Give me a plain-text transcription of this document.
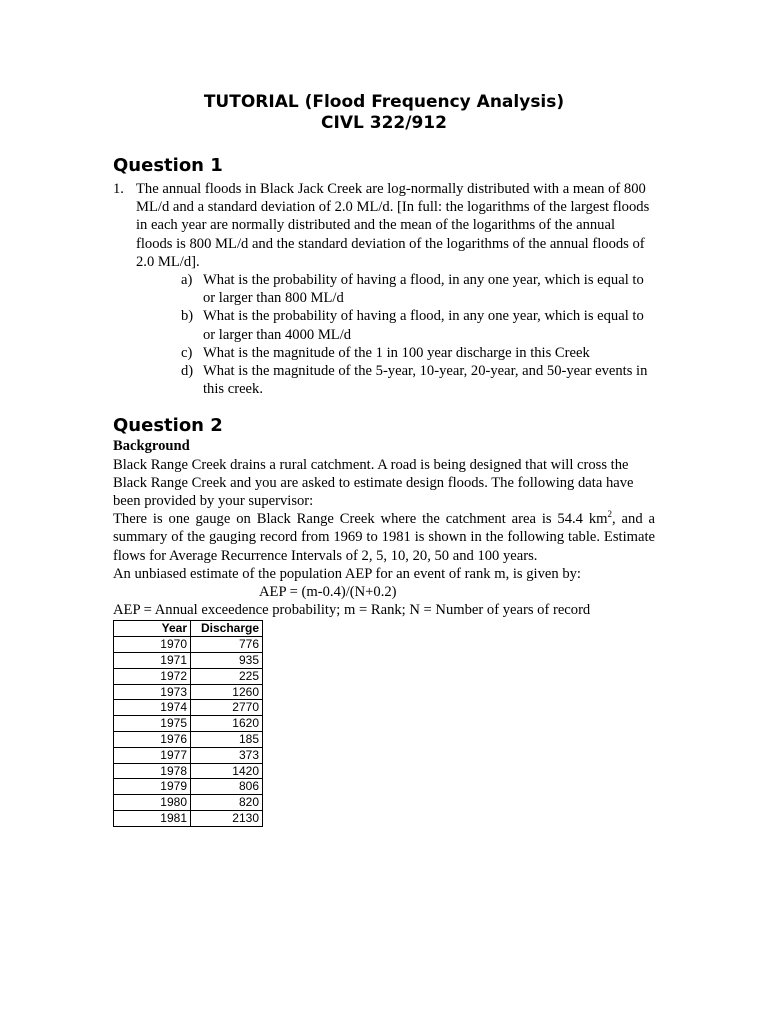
TUTORIAL (Flood Frequency Analysis)

CIVL 322/912

Question 1

1. The annual floods in Black Jack Creek are log-normally distributed with a mean of 800 ML/d and a standard deviation of 2.0 ML/d. [In full: the logarithms of the largest floods in each year are normally distributed and the mean of the logarithms of the annual floods is 800 ML/d and the standard deviation of the logarithms of the annual floods of 2.0 ML/d].
a) What is the probability of having a flood, in any one year, which is equal to or larger than 800 ML/d
b) What is the probability of having a flood, in any one year, which is equal to or larger than 4000 ML/d
c) What is the magnitude of the 1 in 100 year discharge in this Creek
d) What is the magnitude of the 5-year, 10-year, 20-year, and 50-year events in this creek.

Question 2

Background
Black Range Creek drains a rural catchment. A road is being designed that will cross the Black Range Creek and you are asked to estimate design floods. The following data have been provided by your supervisor:
There is one gauge on Black Range Creek where the catchment area is 54.4 $km^2$, and a summary of the gauging record from 1969 to 1981 is shown in the following table. Estimate flows for Average Recurrence Intervals of 2, 5, 10, 20, 50 and 100 years.
An unbiased estimate of the population AEP for an event of rank m, is given by:
AEP = (m-0.4)/(N+0.2)
AEP = Annual exceedence probability; m = Rank; N = Number of years of record
Year	Discharge
1970	776
1971	935
1972	225
1973	1260
1974	2770
1975	1620
1976	185
1977	373
1978	1420
1979	806
1980	820
1981	2130
